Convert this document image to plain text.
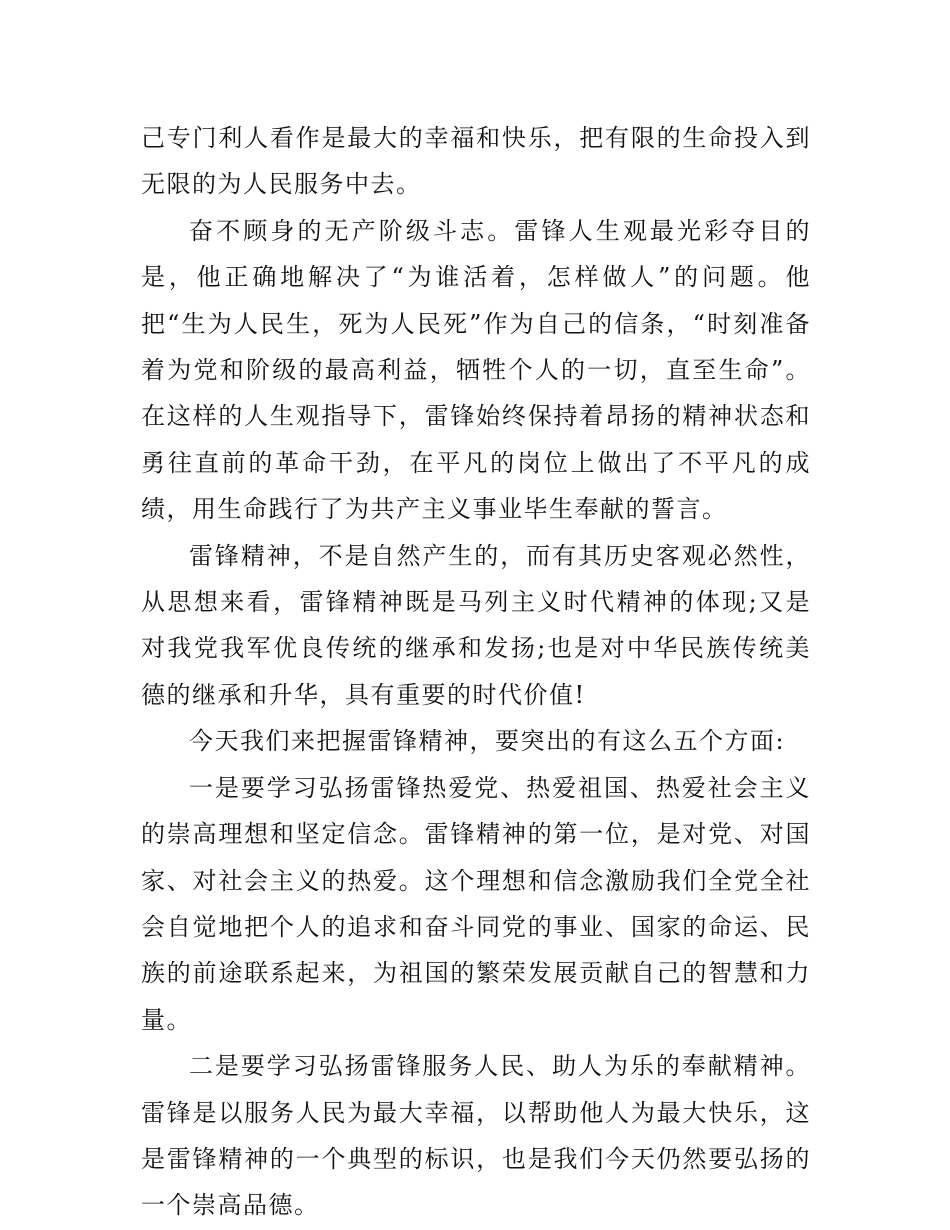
己专门利人看作是最大的幸福和快乐，把有限的生命投入到无限的为人民服务中去。

奋不顾身的无产阶级斗志。雷锋人生观最光彩夺目的是，他正确地解决了“为谁活着，怎样做人”的问题。他把“生为人民生，死为人民死”作为自己的信条，“时刻准备着为党和阶级的最高利益，牺牲个人的一切，直至生命”。在这样的人生观指导下，雷锋始终保持着昂扬的精神状态和勇往直前的革命干劲，在平凡的岗位上做出了不平凡的成绩，用生命践行了为共产主义事业毕生奉献的誓言。

雷锋精神，不是自然产生的，而有其历史客观必然性，从思想来看，雷锋精神既是马列主义时代精神的体现;又是对我党我军优良传统的继承和发扬;也是对中华民族传统美德的继承和升华，具有重要的时代价值!

今天我们来把握雷锋精神，要突出的有这么五个方面:

一是要学习弘扬雷锋热爱党、热爱祖国、热爱社会主义的崇高理想和坚定信念。雷锋精神的第一位，是对党、对国家、对社会主义的热爱。这个理想和信念激励我们全党全社会自觉地把个人的追求和奋斗同党的事业、国家的命运、民族的前途联系起来，为祖国的繁荣发展贡献自己的智慧和力量。

二是要学习弘扬雷锋服务人民、助人为乐的奉献精神。雷锋是以服务人民为最大幸福，以帮助他人为最大快乐，这是雷锋精神的一个典型的标识，也是我们今天仍然要弘扬的一个崇高品德。
